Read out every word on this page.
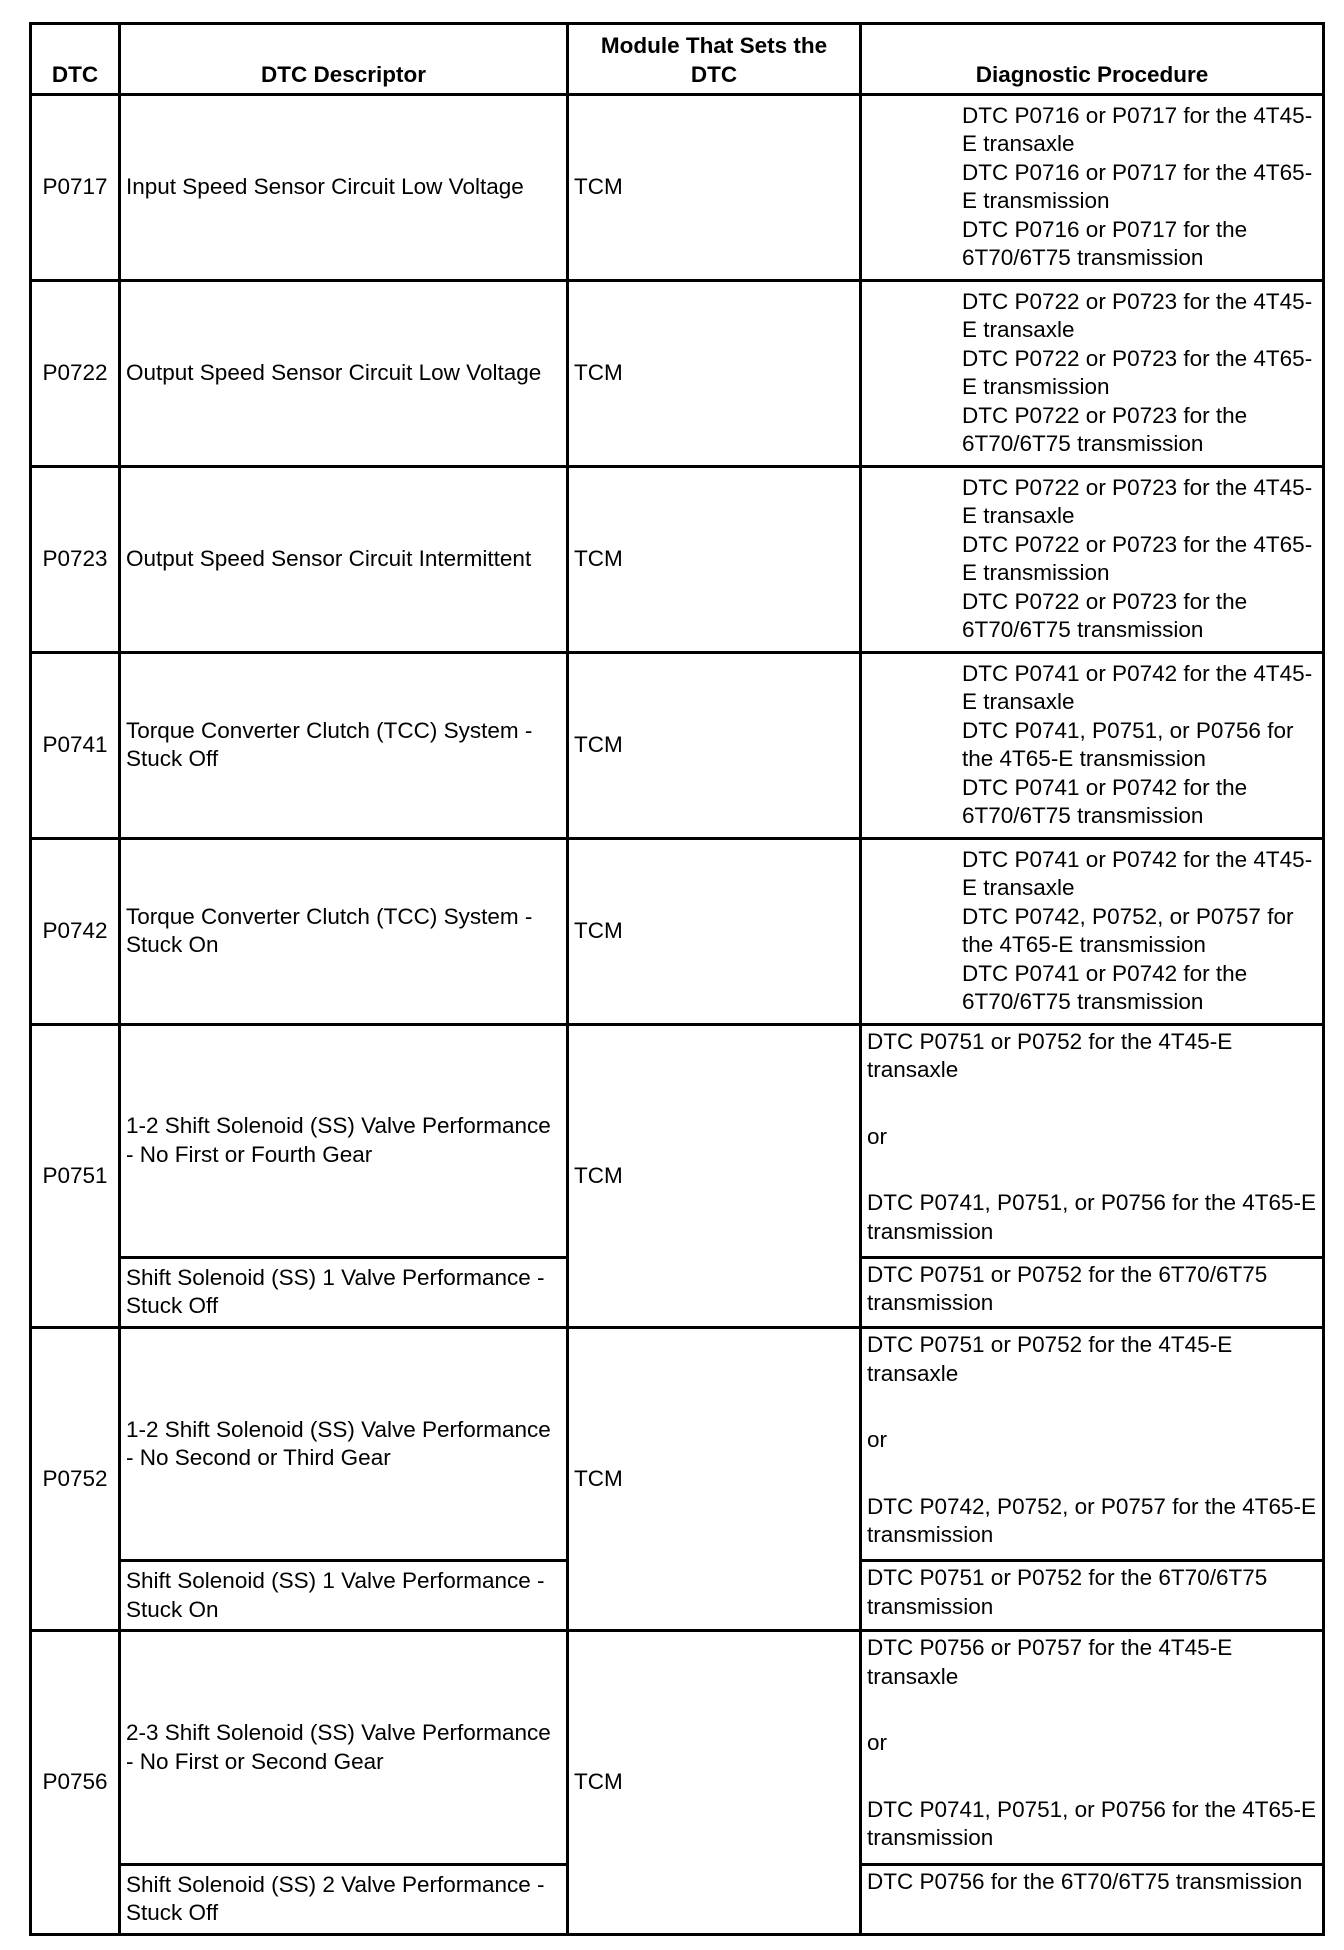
DTC	DTC Descriptor	Module That Sets the DTC	Diagnostic Procedure
P0717	Input Speed Sensor Circuit Low Voltage	TCM	DTC P0716 or P0717 for the 4T45-E transaxle
DTC P0716 or P0717 for the 4T65-E transmission
DTC P0716 or P0717 for the 6T70/6T75 transmission

P0722	Output Speed Sensor Circuit Low Voltage	TCM	DTC P0722 or P0723 for the 4T45-E transaxle
DTC P0722 or P0723 for the 4T65-E transmission
DTC P0722 or P0723 for the 6T70/6T75 transmission

P0723	Output Speed Sensor Circuit Intermittent	TCM	DTC P0722 or P0723 for the 4T45-E transaxle
DTC P0722 or P0723 for the 4T65-E transmission
DTC P0722 or P0723 for the 6T70/6T75 transmission

P0741	Torque Converter Clutch (TCC) System - Stuck Off	TCM	DTC P0741 or P0742 for the 4T45-E transaxle
DTC P0741, P0751, or P0756 for the 4T65-E transmission
DTC P0741 or P0742 for the 6T70/6T75 transmission

P0742	Torque Converter Clutch (TCC) System - Stuck On	TCM	DTC P0741 or P0742 for the 4T45-E transaxle
DTC P0742, P0752, or P0757 for the 4T65-E transmission
DTC P0741 or P0742 for the 6T70/6T75 transmission

P0751	1-2 Shift Solenoid (SS) Valve Performance - No First or Fourth Gear	TCM	DTC P0751 or P0752 for the 4T45-E transaxle
or
DTC P0741, P0751, or P0756 for the 4T65-E transmission

	Shift Solenoid (SS) 1 Valve Performance - Stuck Off		DTC P0751 or P0752 for the 6T70/6T75 transmission

P0752	1-2 Shift Solenoid (SS) Valve Performance - No Second or Third Gear	TCM	DTC P0751 or P0752 for the 4T45-E transaxle
or
DTC P0742, P0752, or P0757 for the 4T65-E transmission

	Shift Solenoid (SS) 1 Valve Performance - Stuck On		DTC P0751 or P0752 for the 6T70/6T75 transmission

P0756	2-3 Shift Solenoid (SS) Valve Performance - No First or Second Gear	TCM	DTC P0756 or P0757 for the 4T45-E transaxle
or
DTC P0741, P0751, or P0756 for the 4T65-E transmission

	Shift Solenoid (SS) 2 Valve Performance - Stuck Off		DTC P0756 for the 6T70/6T75 transmission
